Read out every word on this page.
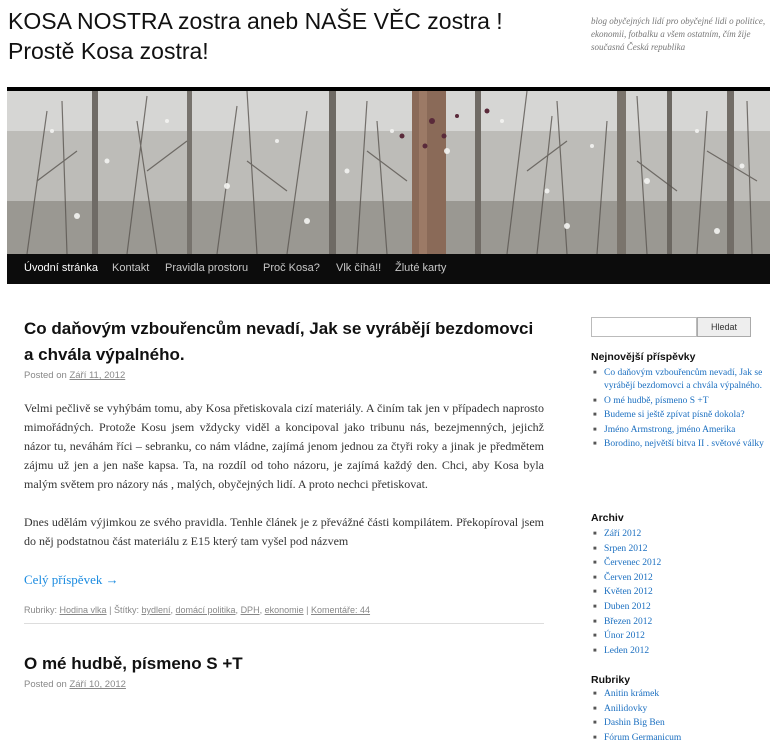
KOSA NOSTRA zostra aneb NAŠE VĚC zostra ! Prostě Kosa zostra!
blog obyčejných lidí pro obyčejné lidi o politice, ekonomii, fotbalku a všem ostatním, čím žije současná Česká republika
Úvodní stránka Kontakt Pravidla prostoru Proč Kosa? Vlk číhá!! Žluté karty
Co daňovým vzbouřencům nevadí, Jak se vyrábějí bezdomovci a chvála výpalného.
Posted on Září 11, 2012

Velmi pečlivě se vyhýbám tomu, aby Kosa přetiskovala cizí materiály. A činím tak jen v případech naprosto mimořádných. Protože Kosu jsem vždycky viděl a koncipoval jako tribunu nás, bezejmenných, jejichž názor tu, neváhám říci – sebranku, co nám vládne, zajímá jenom jednou za čtyři roky a jinak je předmětem zájmu už jen a jen naše kapsa. Ta, na rozdíl od toho názoru, je zajímá každý den. Chci, aby Kosa byla malým světem pro názory nás , malých, obyčejných lidí. A proto nechci přetiskovat.

Dnes udělám výjimkou ze svého pravidla. Tenhle článek je z převážné části kompilátem. Překopíroval jsem do něj podstatnou část materiálu z E15 který tam vyšel pod názvem

Celý příspěvek →
Rubriky: Hodina vlka | Štítky: bydlení, domácí politika, DPH, ekonomie | Komentáře: 44
O mé hudbě, písmeno S +T
Posted on Září 10, 2012
Hledat
Nejnovější příspěvky
■ Co daňovým vzbouřencům nevadí, Jak se vyrábějí bezdomovci a chvála výpalného.
■ O mé hudbě, písmeno S +T
■ Budeme si ještě zpívat písně dokola?
■ Jméno Armstrong, jméno Amerika
■ Borodino, největší bitva II . světové války
Archiv
■ Září 2012
■ Srpen 2012
■ Červenec 2012
■ Červen 2012
■ Květen 2012
■ Duben 2012
■ Březen 2012
■ Únor 2012
■ Leden 2012
Rubriky
■ Anitin krámek
■ Anilidovky
■ Dashin Big Ben
■ Fórum Germanicum
